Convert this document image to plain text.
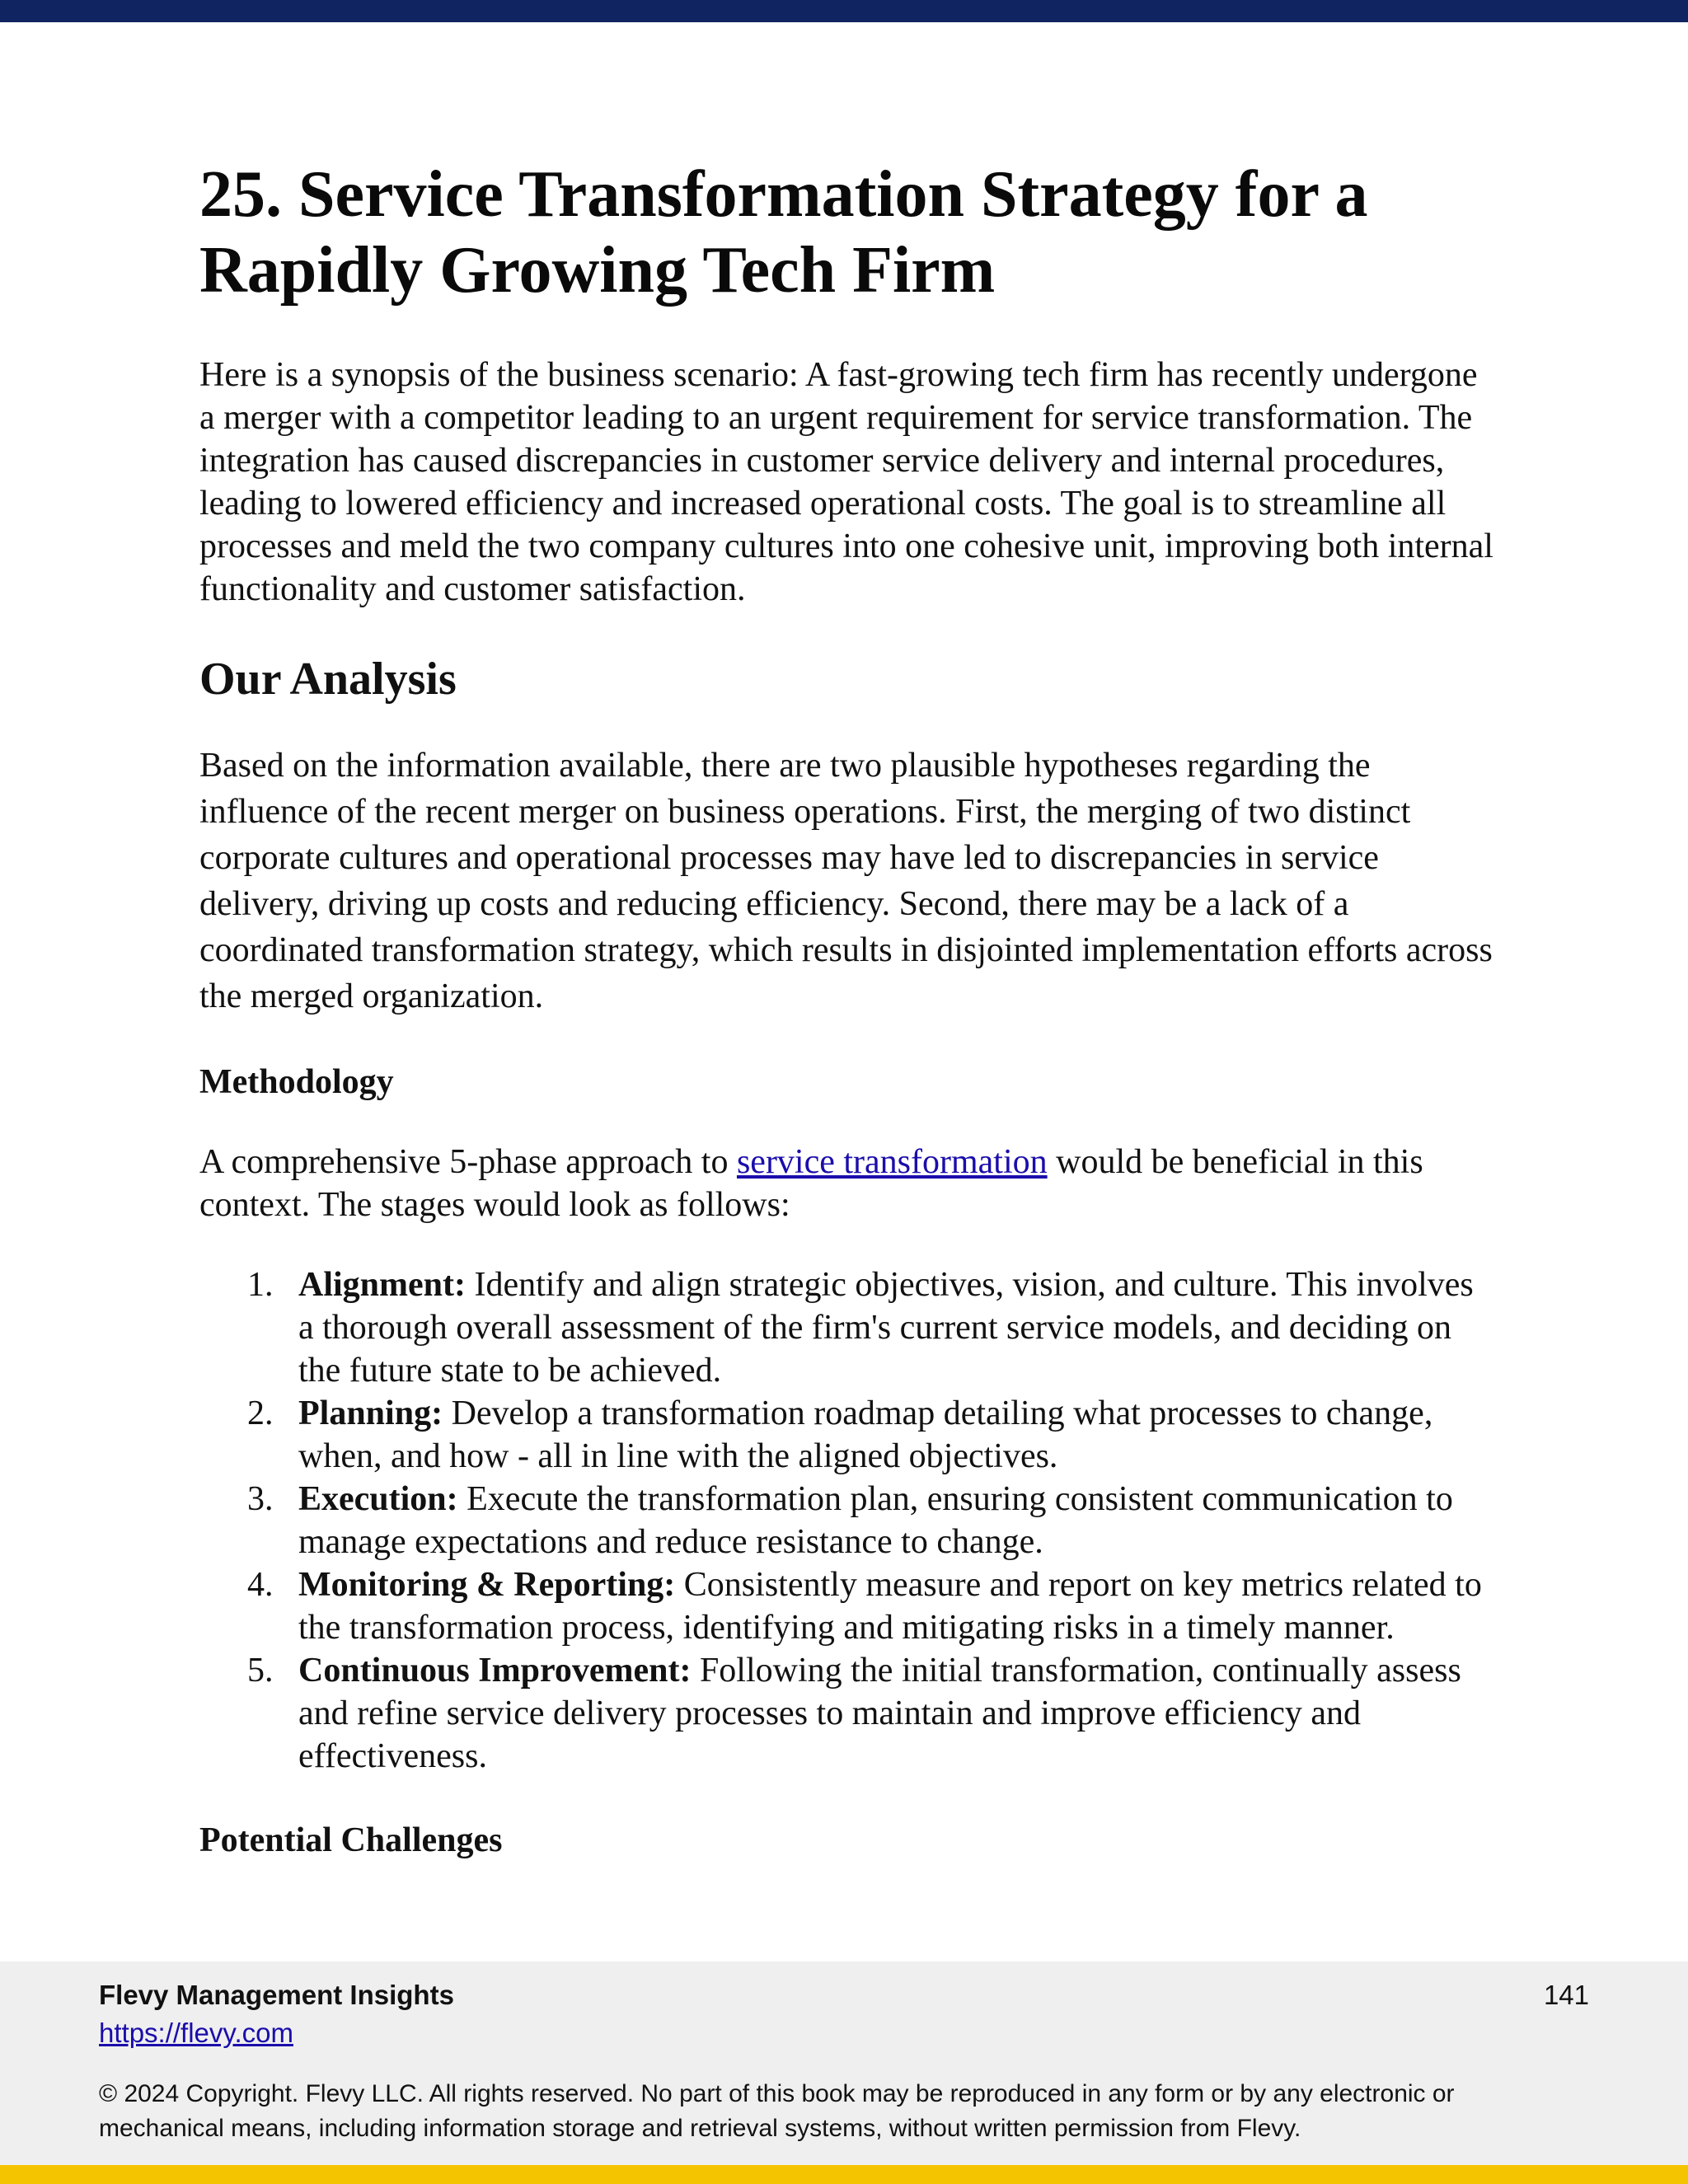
25. Service Transformation Strategy for a Rapidly Growing Tech Firm

Here is a synopsis of the business scenario: A fast-growing tech firm has recently undergone a merger with a competitor leading to an urgent requirement for service transformation. The integration has caused discrepancies in customer service delivery and internal procedures, leading to lowered efficiency and increased operational costs. The goal is to streamline all processes and meld the two company cultures into one cohesive unit, improving both internal functionality and customer satisfaction.

Our Analysis

Based on the information available, there are two plausible hypotheses regarding the influence of the recent merger on business operations. First, the merging of two distinct corporate cultures and operational processes may have led to discrepancies in service delivery, driving up costs and reducing efficiency. Second, there may be a lack of a coordinated transformation strategy, which results in disjointed implementation efforts across the merged organization.

Methodology

A comprehensive 5-phase approach to service transformation would be beneficial in this context. The stages would look as follows:

1. Alignment: Identify and align strategic objectives, vision, and culture. This involves a thorough overall assessment of the firm's current service models, and deciding on the future state to be achieved.
2. Planning: Develop a transformation roadmap detailing what processes to change, when, and how - all in line with the aligned objectives.
3. Execution: Execute the transformation plan, ensuring consistent communication to manage expectations and reduce resistance to change.
4. Monitoring & Reporting: Consistently measure and report on key metrics related to the transformation process, identifying and mitigating risks in a timely manner.
5. Continuous Improvement: Following the initial transformation, continually assess and refine service delivery processes to maintain and improve efficiency and effectiveness.
Potential Challenges
Flevy Management Insights
https://flevy.com
141
© 2024 Copyright. Flevy LLC. All rights reserved. No part of this book may be reproduced in any form or by any electronic or mechanical means, including information storage and retrieval systems, without written permission from Flevy.
